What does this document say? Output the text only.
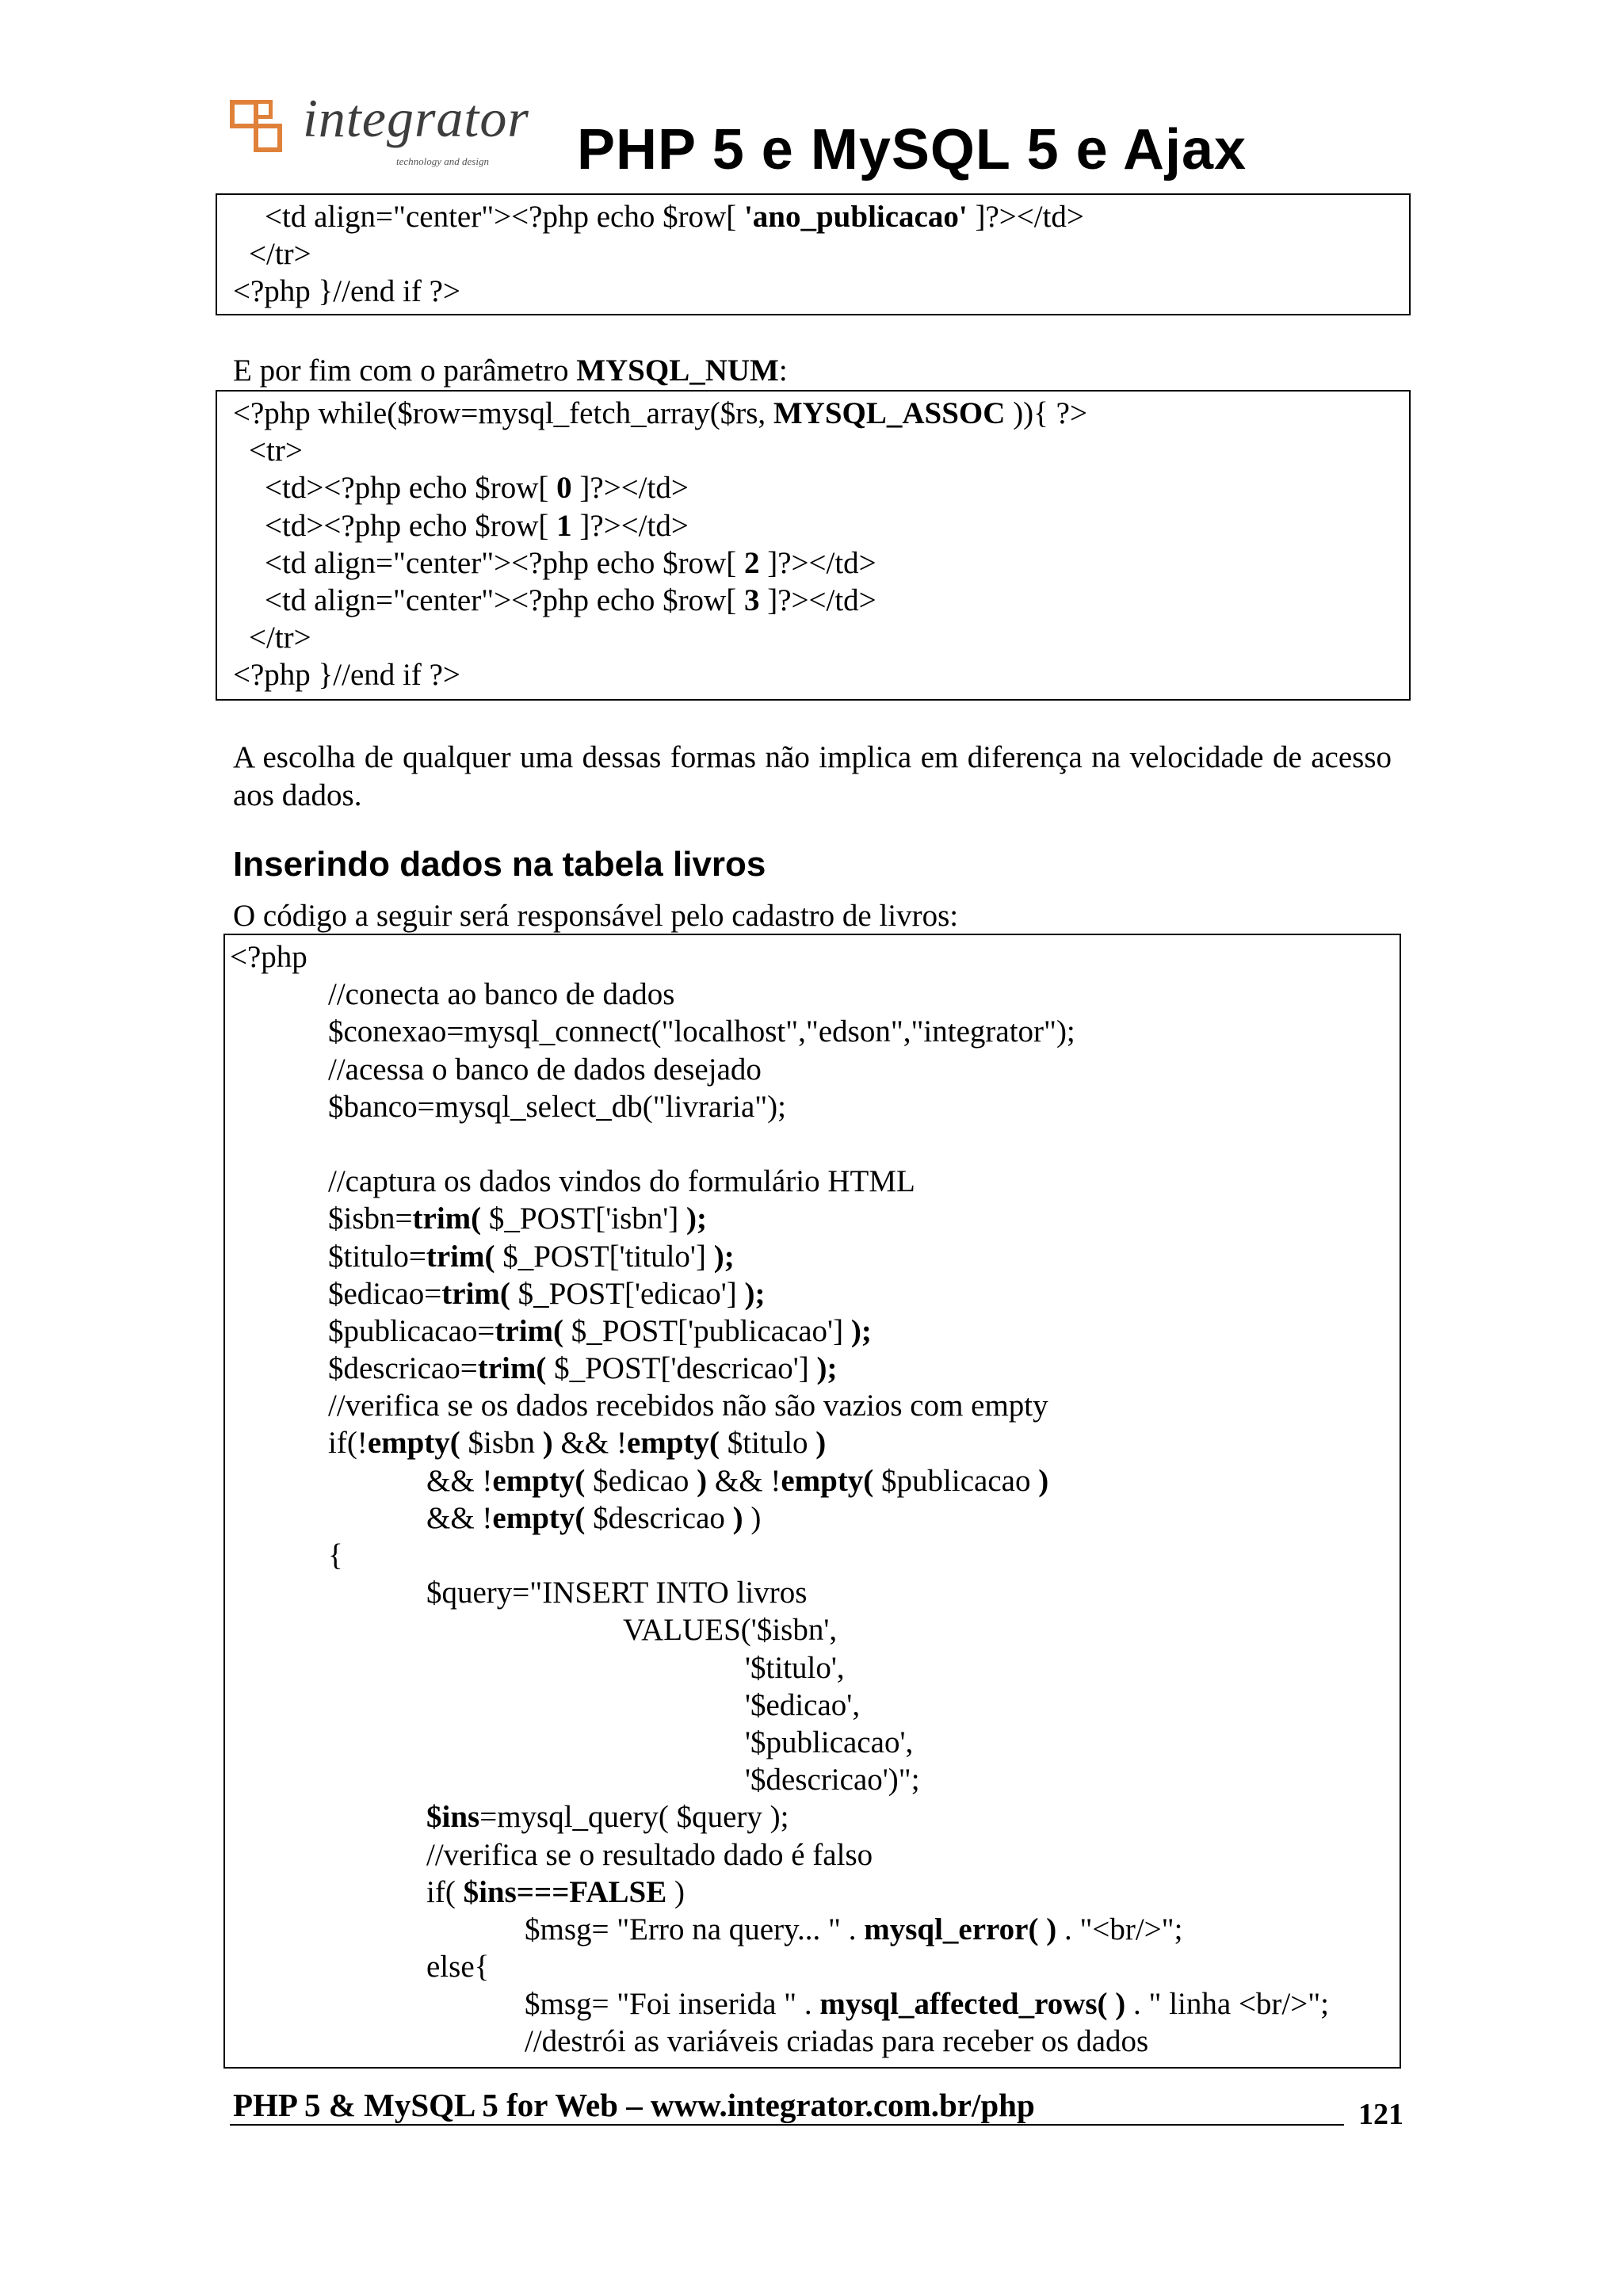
integrator
technology and design PHP 5 e MySQL 5 e Ajax
<td align="center"><?php echo $row[ 'ano_publicacao' ]?></td>
</tr>
<?php }//end if ?>
E por fim com o parâmetro MYSQL_NUM:
<?php while($row=mysql_fetch_array($rs, MYSQL_ASSOC )){ ?>
<tr>
<td><?php echo $row[ 0 ]?></td>
<td><?php echo $row[ 1 ]?></td>
<td align="center"><?php echo $row[ 2 ]?></td>
<td align="center"><?php echo $row[ 3 ]?></td>
</tr>
<?php }//end if ?>
A escolha de qualquer uma dessas formas não implica em diferença na velocidade de acesso aos dados.
Inserindo dados na tabela livros
O código a seguir será responsável pelo cadastro de livros:
<?php
//conecta ao banco de dados
$conexao=mysql_connect("localhost","edson","integrator");
//acessa o banco de dados desejado
$banco=mysql_select_db("livraria");
//captura os dados vindos do formulário HTML
$isbn=trim( $_POST['isbn'] );
$titulo=trim( $_POST['titulo'] );
$edicao=trim( $_POST['edicao'] );
$publicacao=trim( $_POST['publicacao'] );
$descricao=trim( $_POST['descricao'] );
//verifica se os dados recebidos não são vazios com empty
if(!empty( $isbn ) && !empty( $titulo )
&& !empty( $edicao ) && !empty( $publicacao )
&& !empty( $descricao ) )
{
$query="INSERT INTO livros
VALUES('$isbn',
'$titulo',
'$edicao',
'$publicacao',
'$descricao')";
$ins=mysql_query( $query );
//verifica se o resultado dado é falso
if( $ins===FALSE )
$msg= "Erro na query... " . mysql_error( ) . "<br/>";
else{
$msg= "Foi inserida " . mysql_affected_rows( ) . " linha <br/>";
//destrói as variáveis criadas para receber os dados
PHP 5 & MySQL 5 for Web – www.integrator.com.br/php	121
